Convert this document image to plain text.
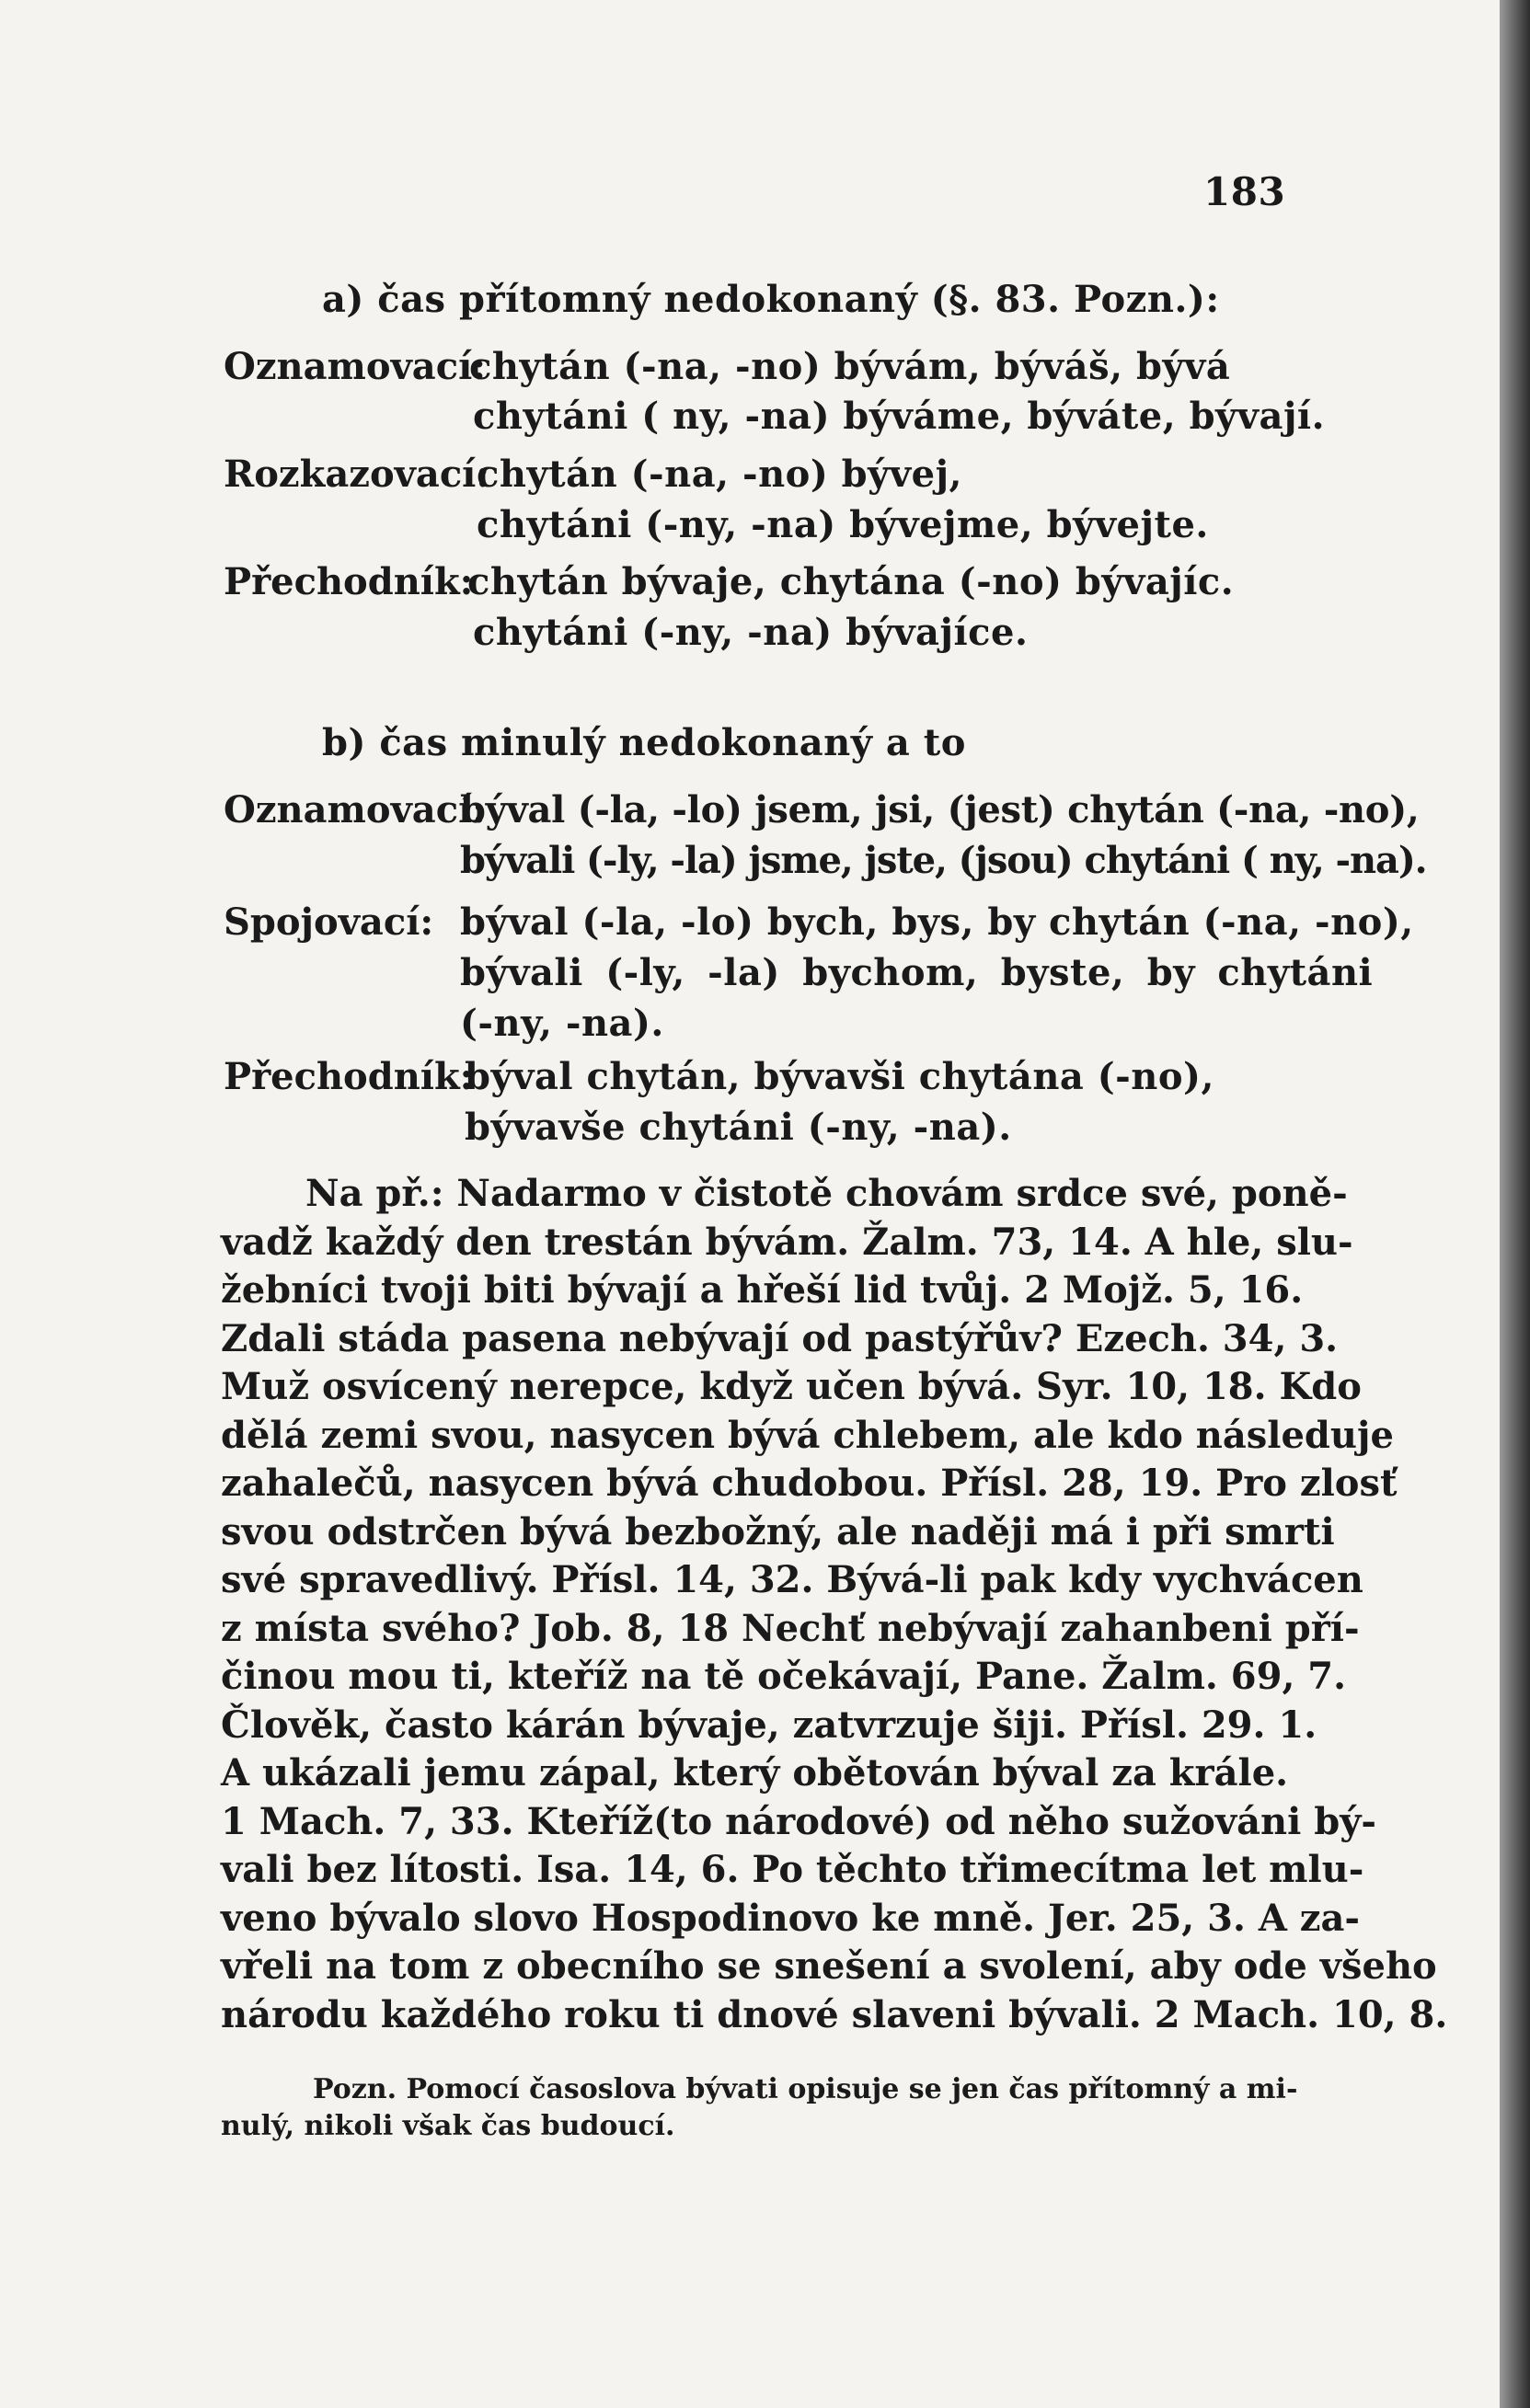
183
a) čas přítomný nedokonaný (§. 83. Pozn.):
Oznamovací:
chytán (-na, -no) bývám, býváš, bývá
chytáni ( ny, -na) býváme, býváte, bývají.
Rozkazovací:
chytán (-na, -no) bývej,
chytáni (-ny, -na) bývejme, bývejte.
Přechodník:
chytán bývaje, chytána (-no) bývajíc.
chytáni (-ny, -na) bývajíce.
b) čas minulý nedokonaný a to
Oznamovací:
býval (-la, -lo) jsem, jsi, (jest) chytán (-na, -no),
bývali (-ly, -la) jsme, jste, (jsou) chytáni ( ny, -na).
Spojovací: býval (-la, -lo) bych, bys, by chytán (-na, -no),
bývali (-ly, -la) bychom, byste, by chytáni
(-ny, -na).
Přechodník:
býval chytán, bývavši chytána (-no),
bývavše chytáni (-ny, -na).
Na př.: Nadarmo v čistotě chovám srdce své, poně-
vadž každý den trestán bývám. Žalm. 73, 14. A hle, slu-
žebníci tvoji biti bývají a hřeší lid tvůj. 2 Mojž. 5, 16.
Zdali stáda pasena nebývají od pastýřův? Ezech. 34, 3.
Muž osvícený nerepce, když učen bývá. Syr. 10, 18. Kdo
dělá zemi svou, nasycen bývá chlebem, ale kdo následuje
zahalečů, nasycen bývá chudobou. Přísl. 28, 19. Pro zlosť
svou odstrčen bývá bezbožný, ale naději má i při smrti
své spravedlivý. Přísl. 14, 32. Bývá-li pak kdy vychvácen
z místa svého? Job. 8, 18 Nechť nebývají zahanbeni pří-
činou mou ti, kteříž na tě očekávají, Pane. Žalm. 69, 7.
Člověk, často kárán bývaje, zatvrzuje šiji. Přísl. 29. 1.
A ukázali jemu zápal, který obětován býval za krále.
1 Mach. 7, 33. Kteříž(to národové) od něho sužováni bý-
vali bez lítosti. Isa. 14, 6. Po těchto třimecítma let mlu-
veno bývalo slovo Hospodinovo ke mně. Jer. 25, 3. A za-
vřeli na tom z obecního se snešení a svolení, aby ode všeho
národu každého roku ti dnové slaveni bývali. 2 Mach. 10, 8.
Pozn. Pomocí časoslova bývati opisuje se jen čas přítomný a mi-
nulý, nikoli však čas budoucí.
